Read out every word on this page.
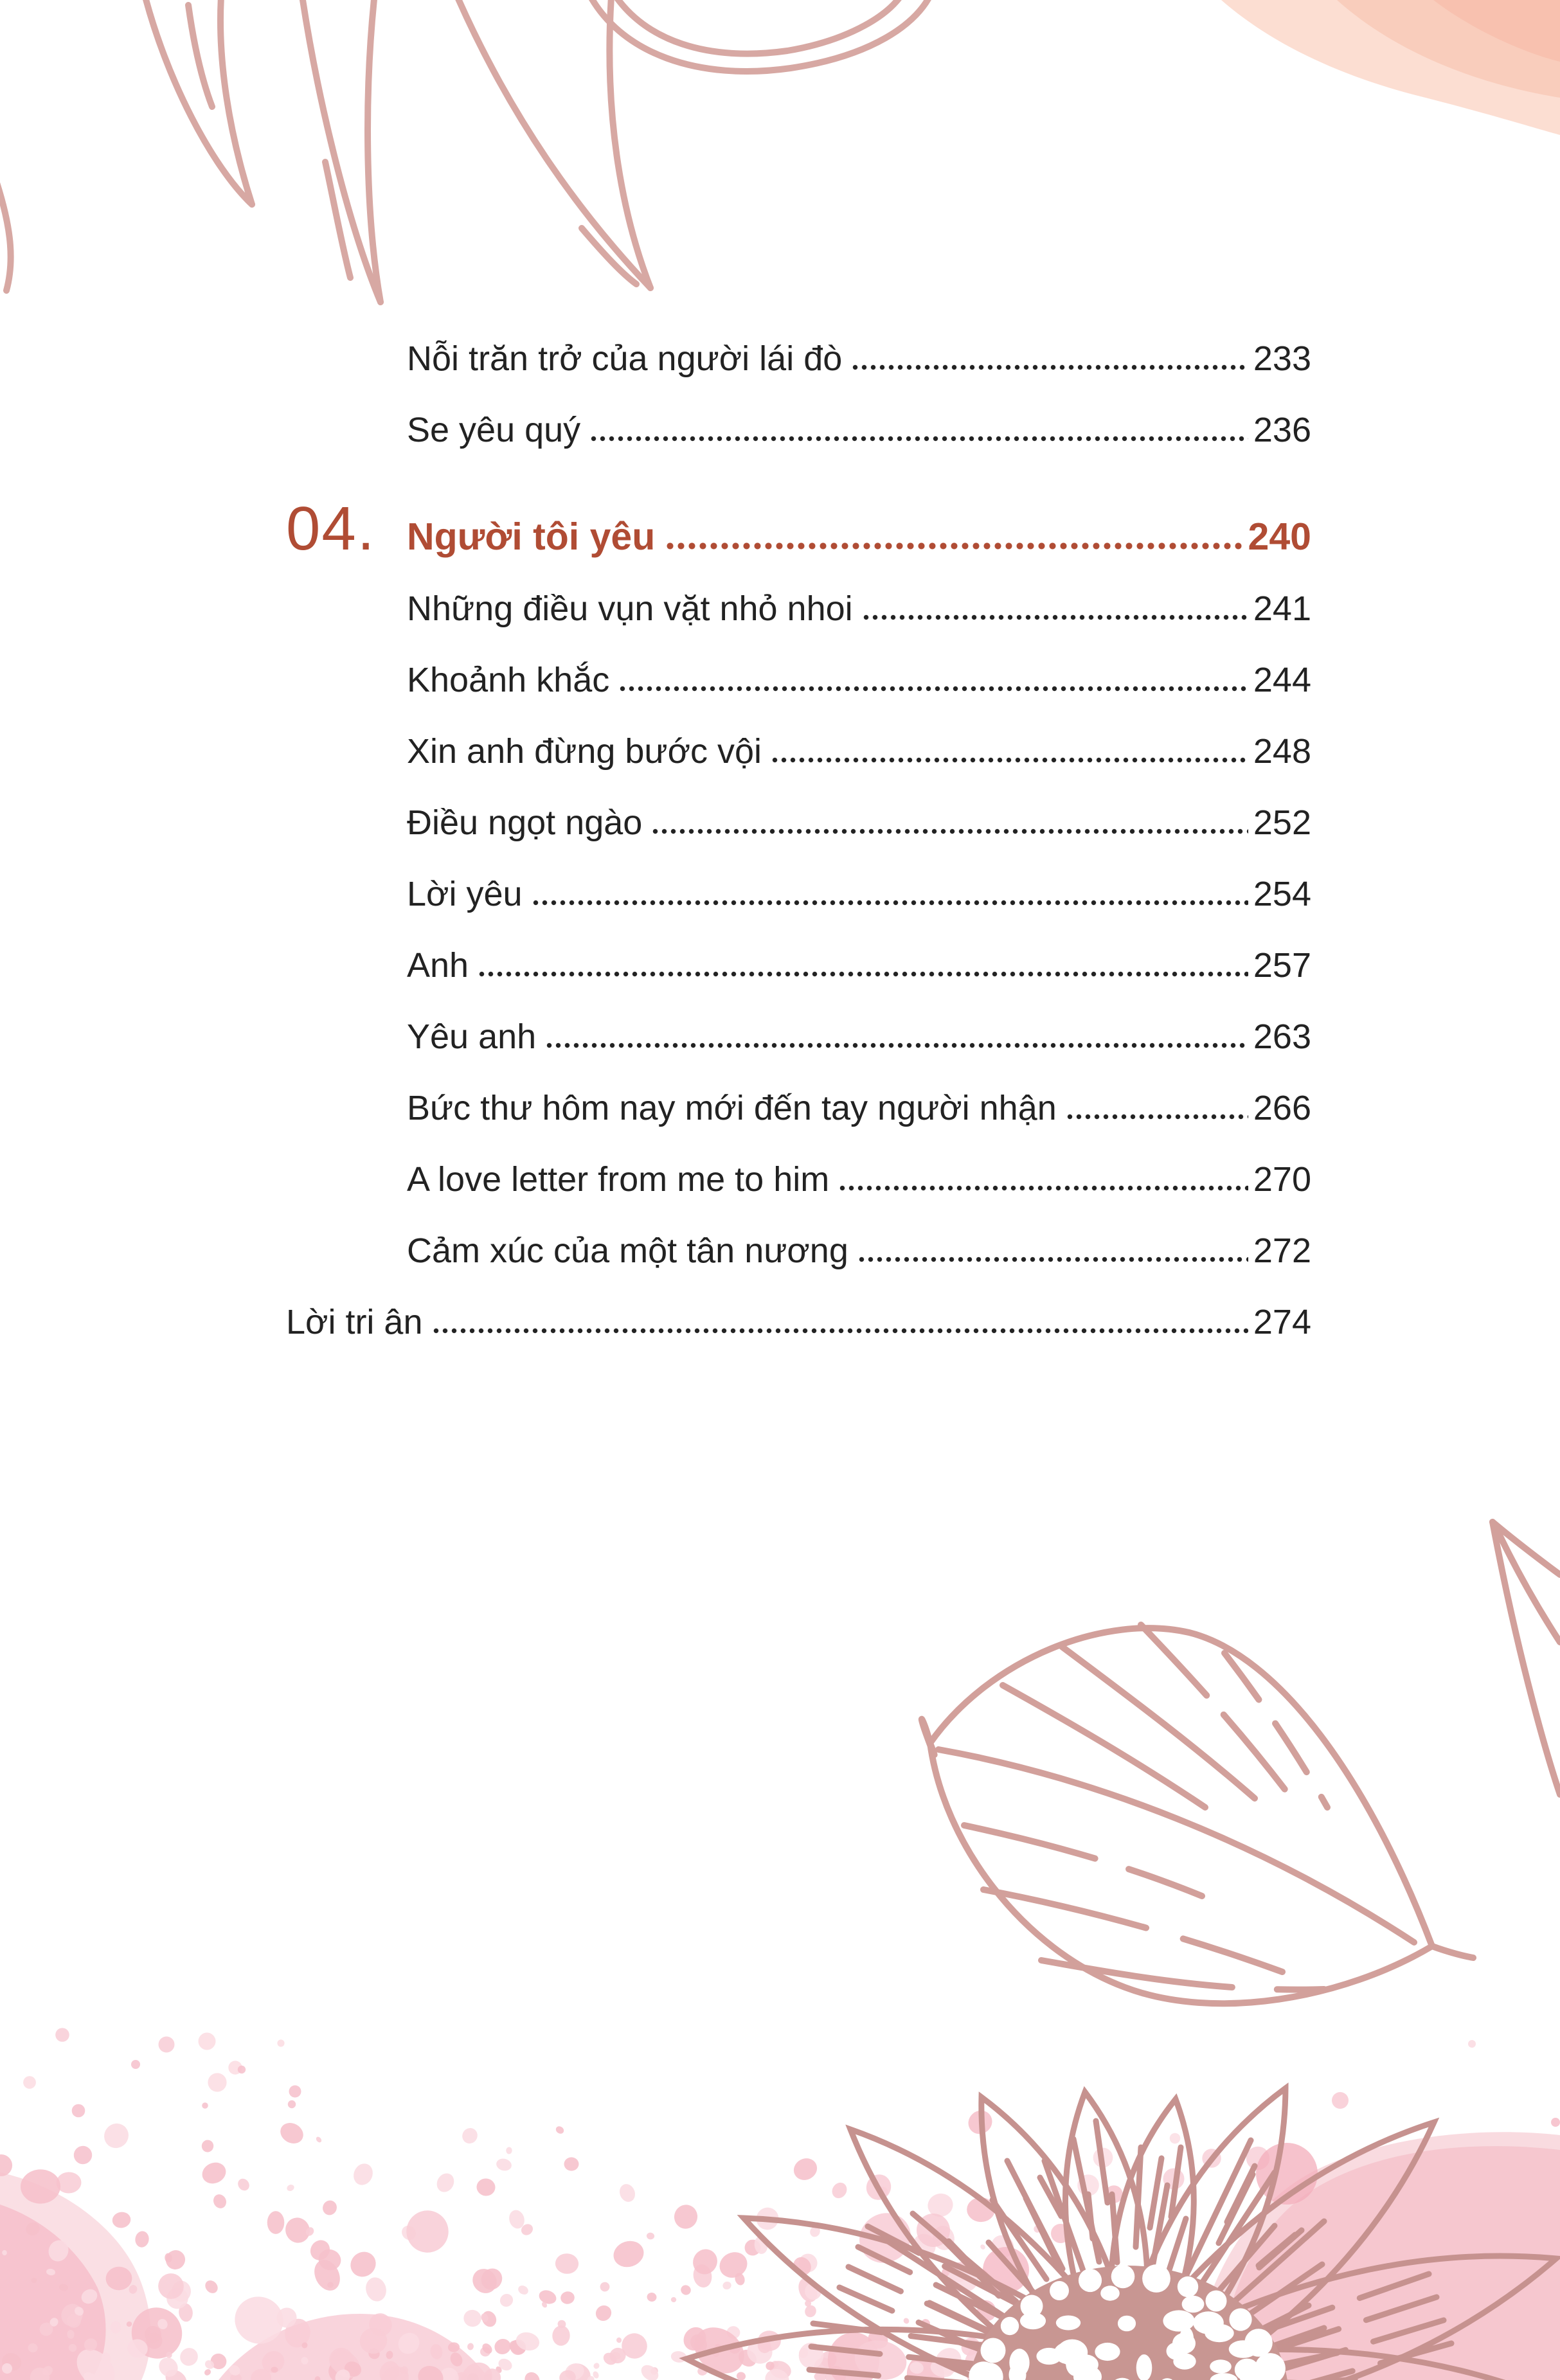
Nỗi trăn trở của người lái đò	233
Se yêu quý	236
04. Người tôi yêu	240
Những điều vụn vặt nhỏ nhoi	241
Khoảnh khắc	244
Xin anh đừng bước vội	248
Điều ngọt ngào	252
Lời yêu	254
Anh	257
Yêu anh	263
Bức thư hôm nay mới đến tay người nhận	266
A love letter from me to him	270
Cảm xúc của một tân nương	272
Lời tri ân	274
